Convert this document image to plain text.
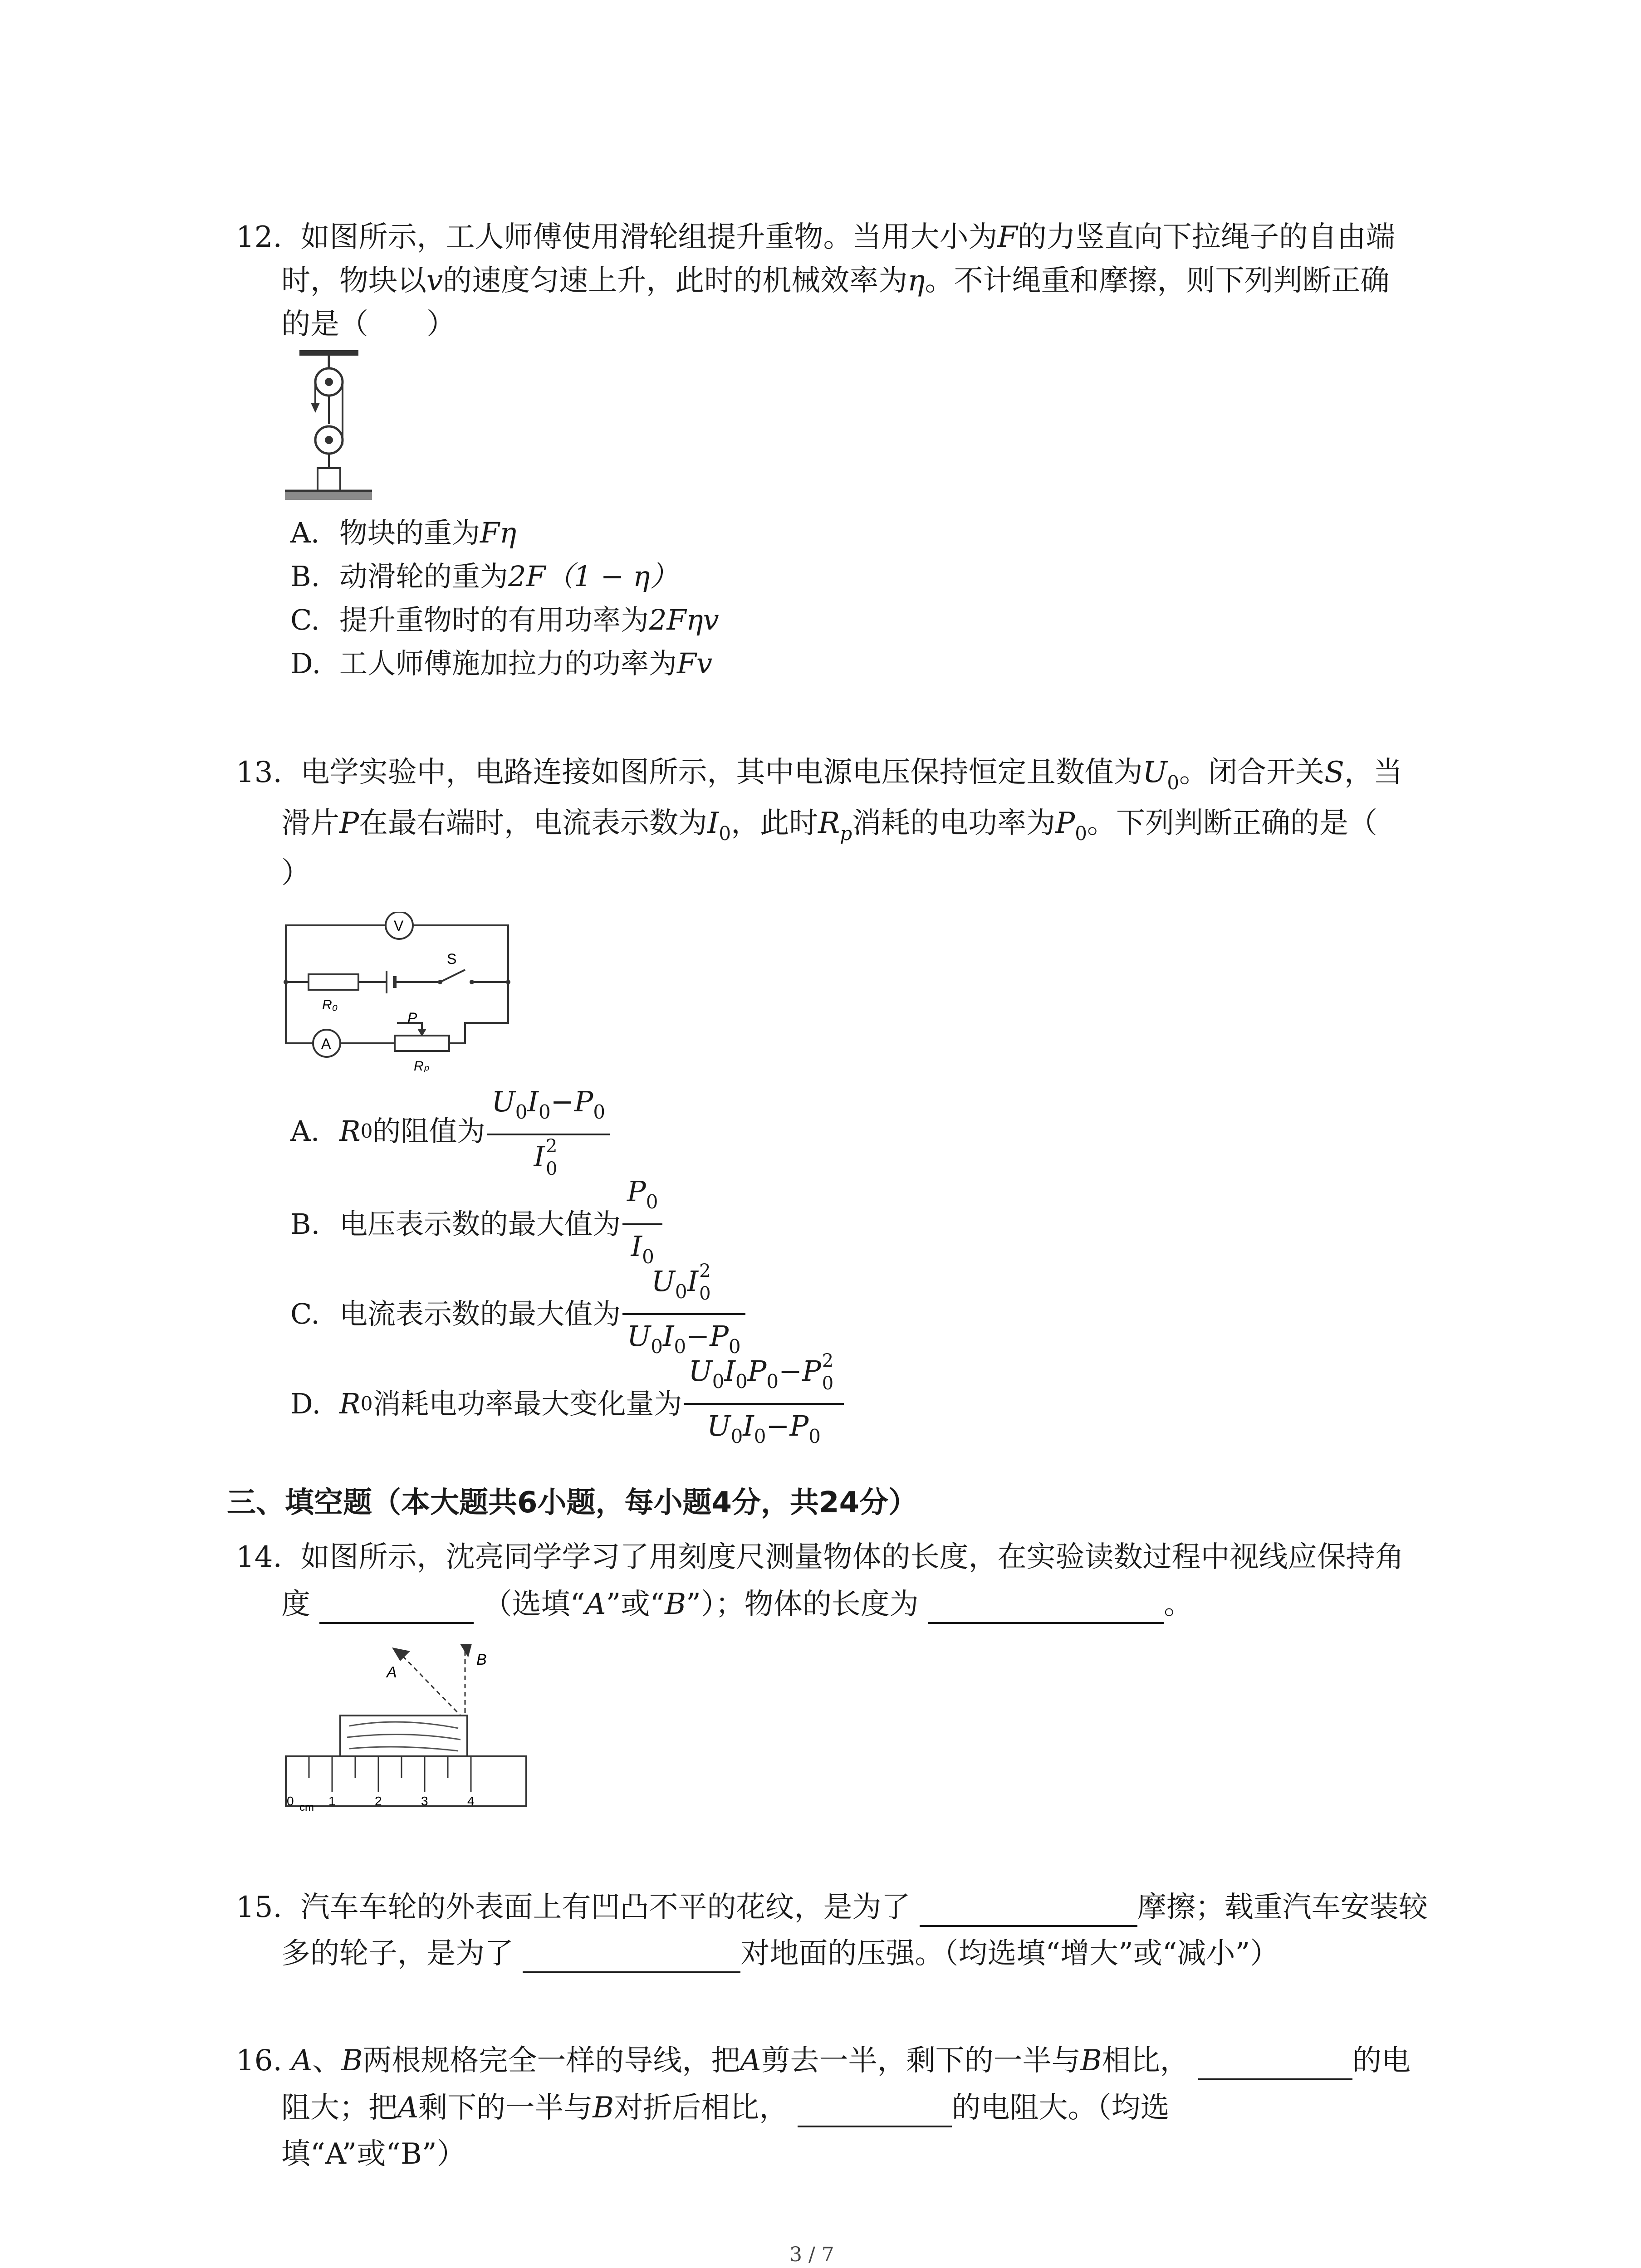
12. 如图所示，工人师傅使用滑轮组提升重物。当用大小为F的力竖直向下拉绳子的自由端
时，物块以v的速度匀速上升，此时的机械效率为η。不计绳重和摩擦，则下列判断正确
的是（　　）
A. 物块的重为 Fη
B. 动滑轮的重为 2F（1 − η）
C. 提升重物时的有用功率为 2Fηv
D. 工人师傅施加拉力的功率为 Fv
13. 电学实验中，电路连接如图所示，其中电源电压保持恒定且数值为$U_0$。闭合开关S，当
滑片P在最右端时，电流表示数为$I_0$，此时$R_p$消耗的电功率为$P_0$。下列判断正确的是（
）
V
A
S
R₀
P
Rₚ
A. R 0 的阻值为 $U_0I_0-P_0$
I 2
0
B. 电压表示数的最大值为 $\frac{P_0}{I_0}$
C. 电流表示数的最大值为 $U_0I$ 2
0
$U_0I_0-P_0$
D. R 0 消耗电功率最大变化量为 $U_0I_0P_0-P$ 2
0
$U_0I_0-P_0$
三、填空题（本大题共6小题，每小题4分，共24分）
14. 如图所示，沈亮同学学习了用刻度尺测量物体的长度，在实验读数过程中视线应保持角
度	（选填“A”或“B”）；物体的长度为	。
A
B
0 cm 1	2	3	4
15. 汽车车轮的外表面上有凹凸不平的花纹，是为了	摩擦；载重汽车安装较
多的轮子，是为了	对地面的压强。（均选填“增大”或“减小”）
16. A、B两根规格完全一样的导线，把A剪去一半，剩下的一半与B相比，	的电
阻大；把A剩下的一半与B对折后相比，	的电阻大。（均选
填“A”或“B”）
3 / 7
